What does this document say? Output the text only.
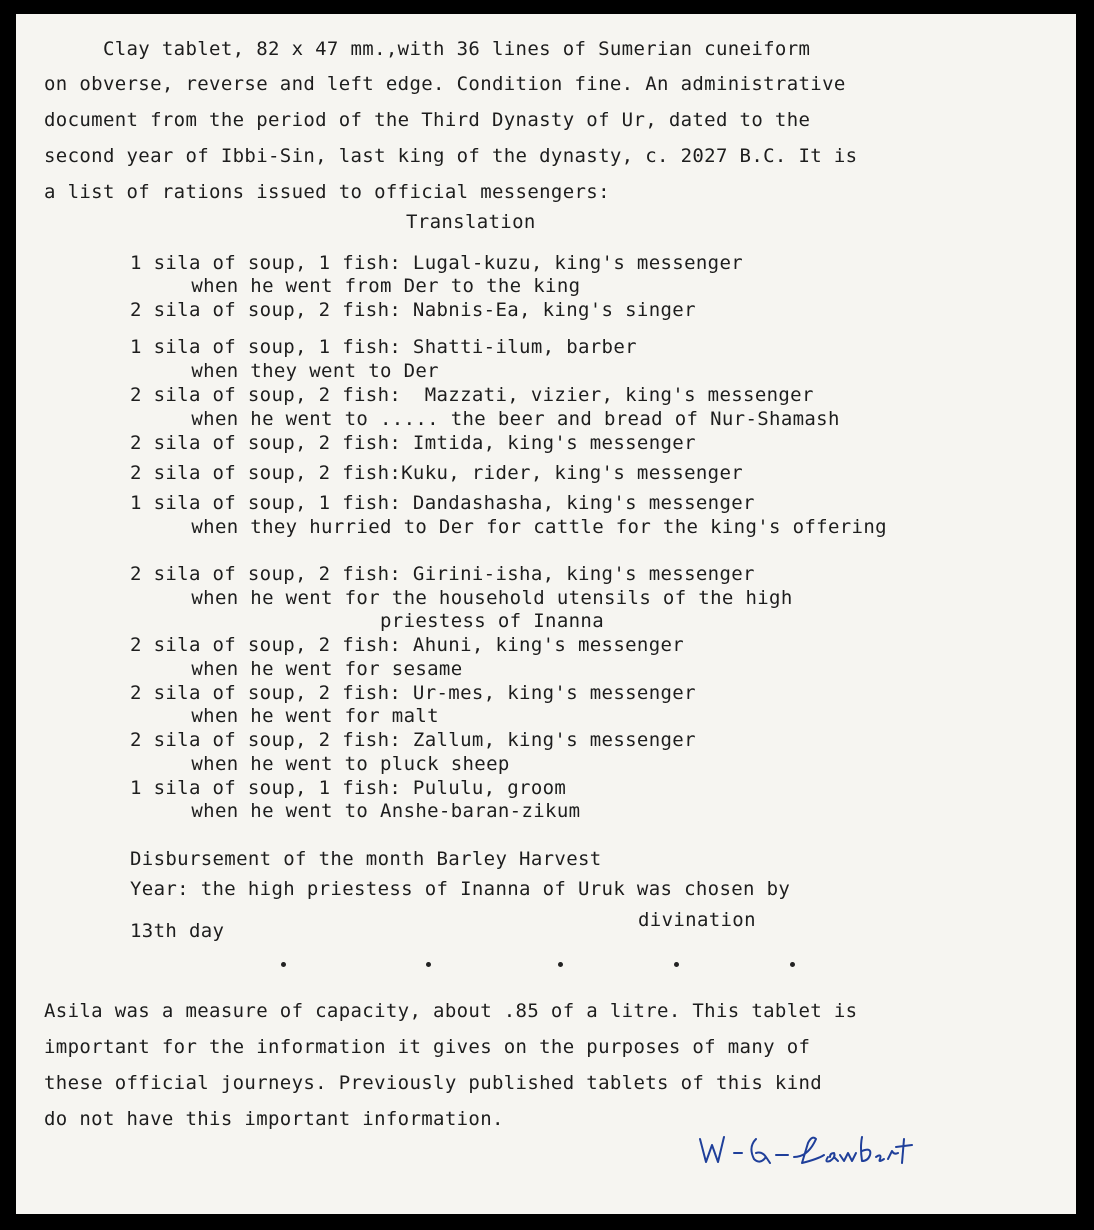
Clay tablet, 82 x 47 mm.,with 36 lines of Sumerian cuneiform
on obverse, reverse and left edge. Condition fine. An administrative
document from the period of the Third Dynasty of Ur, dated to the
second year of Ibbi-Sin, last king of the dynasty, c. 2027 B.C. It is
a list of rations issued to official messengers:
Translation
1 sila of soup, 1 fish: Lugal-kuzu, king's messenger
when he went from Der to the king
2 sila of soup, 2 fish: Nabnis-Ea, king's singer
1 sila of soup, 1 fish: Shatti-ilum, barber
when they went to Der
2 sila of soup, 2 fish:  Mazzati, vizier, king's messenger
when he went to ..... the beer and bread of Nur-Shamash
2 sila of soup, 2 fish: Imtida, king's messenger
2 sila of soup, 2 fish:Kuku, rider, king's messenger
1 sila of soup, 1 fish: Dandashasha, king's messenger
when they hurried to Der for cattle for the king's offering
2 sila of soup, 2 fish: Girini-isha, king's messenger
when he went for the household utensils of the high
priestess of Inanna
2 sila of soup, 2 fish: Ahuni, king's messenger
when he went for sesame
2 sila of soup, 2 fish: Ur-mes, king's messenger
when he went for malt
2 sila of soup, 2 fish: Zallum, king's messenger
when he went to pluck sheep
1 sila of soup, 1 fish: Pululu, groom
when he went to Anshe-baran-zikum
Disbursement of the month Barley Harvest
Year: the high priestess of Inanna of Uruk was chosen by
divination
13th day
Asila was a measure of capacity, about .85 of a litre. This tablet is
important for the information it gives on the purposes of many of
these official journeys. Previously published tablets of this kind
do not have this important information.
